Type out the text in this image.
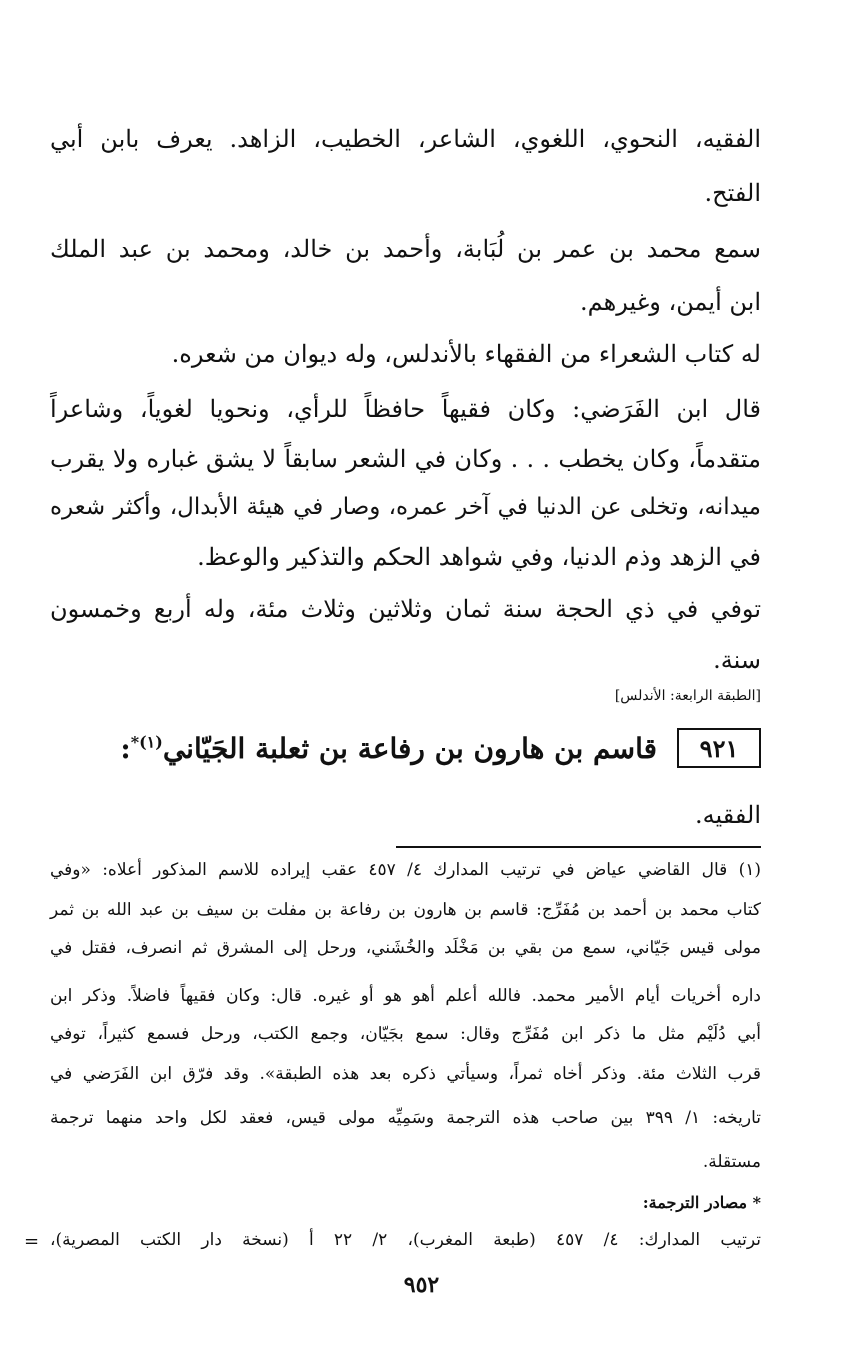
الفقيه، النحوي، اللغوي، الشاعر، الخطيب، الزاهد. يعرف بابن أبي
الفتح.
سمع محمد بن عمر بن لُبَابة، وأحمد بن خالد، ومحمد بن عبد الملك
ابن أيمن، وغيرهم.
له كتاب الشعراء من الفقهاء بالأندلس، وله ديوان من شعره.
قال ابن الفَرَضي: وكان فقيهاً حافظاً للرأي، ونحويا لغوياً، وشاعراً
متقدماً، وكان يخطب . . . وكان في الشعر سابقاً لا يشق غباره ولا يقرب
ميدانه، وتخلى عن الدنيا في آخر عمره، وصار في هيئة الأبدال، وأكثر شعره
في الزهد وذم الدنيا، وفي شواهد الحكم والتذكير والوعظ.
توفي في ذي الحجة سنة ثمان وثلاثين وثلاث مئة، وله أربع وخمسون
سنة.
[الطبقة الرابعة: الأندلس]
٩٢١
قاسم بن هارون بن رفاعة بن ثعلبة الجَيّاني$^{(١)*}$:
الفقيه.
(١) قال القاضي عياض في ترتيب المدارك ٤/ ٤٥٧ عقب إيراده للاسم المذكور أعلاه: «وفي
كتاب محمد بن أحمد بن مُفَرِّج: قاسم بن هارون بن رفاعة بن مفلت بن سيف بن عبد الله بن ثمر
مولى قيس جَيّاني، سمع من بقي بن مَخْلَد والخُشَني، ورحل إلى المشرق ثم انصرف، فقتل في
داره أخريات أيام الأمير محمد. فالله أعلم أهو هو أو غيره. قال: وكان فقيهاً فاضلاً. وذكر ابن
أبي دُلَيْم مثل ما ذكر ابن مُفَرِّج وقال: سمع بجَيّان، وجمع الكتب، ورحل فسمع كثيراً، توفي
قرب الثلاث مئة. وذكر أخاه ثمراً، وسيأتي ذكره بعد هذه الطبقة». وقد فرّق ابن الفَرَضي في
تاريخه: ١/ ٣٩٩ بين صاحب هذه الترجمة وسَمِيِّه مولى قيس، فعقد لكل واحد منهما ترجمة
مستقلة.
* مصادر الترجمة:
ترتيب المدارك: ٤/ ٤٥٧ (طبعة المغرب)، ٢/ ٢٢ أ (نسخة دار الكتب المصرية)،
=
٩٥٢
